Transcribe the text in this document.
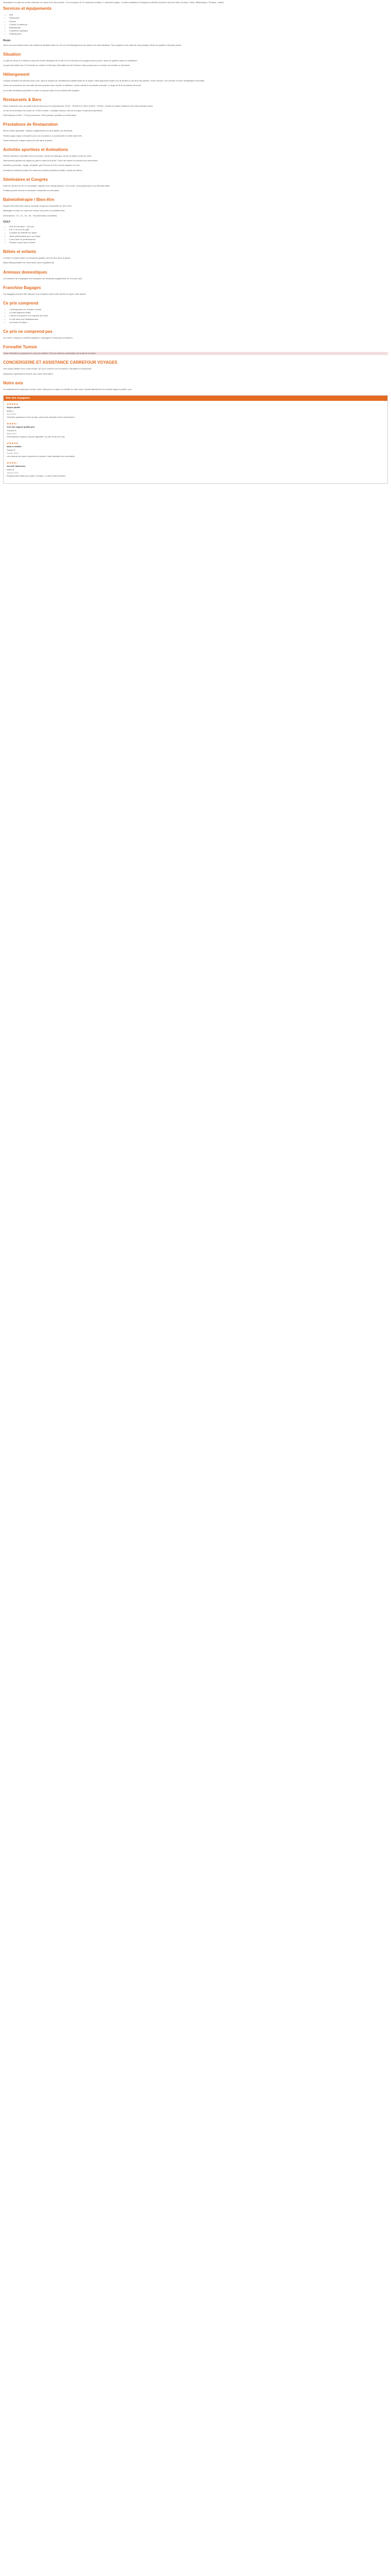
Description Ce gîte est un lieu d'accueil, de repos et de découverte ; il se compose de 12 chambres doubles, 4 chambres triples, 2 suites familiales et d'espaces collectifs ouverts à tous les hôtes (Cuisine, Salon, Bibliothèque, Terrasse, Jardin).

Services et équipements
• Wifi
• Restaurant
• Piscine
• Cuisine & barbecue
• Bibliothèque
• Chambres familiales
• Parking privé
Room

Nous vous accueillons dans une ambiance familiale dans l'un de nos 18 hébergements (du studio à la suite familiale). Tous équipés d'une salle de bain privative, literie de qualité et terrasse privée.

Situation

Le gîte se trouve à 5 minutes à pied du centre historique de la ville et à 15 minutes de la plage la plus proche, dans un quartier calme et résidentiel.

La gare ferroviaire est à 10 minutes en voiture et l'aéroport international à 40 minutes. Nous proposons un service de navette sur demande.

Hébergement

Chaque chambre est décorée avec soin, dans le respect de l'architecture traditionnelle de la région. Elles disposent toutes d'un lit double ou de deux lits simples, d'une armoire, d'un bureau et d'une climatisation réversible.

Toutes les chambres ont une salle de bain privative avec douche à l'italienne, sèche-cheveux et produits d'accueil. Le linge de lit et de toilette est fourni.

Les suites familiales possèdent en plus un espace salon et une kitchenette équipée.

Restaurants & Bars

Notre restaurant vous accueille tous les jours pour le petit-déjeuner (7h30 - 10h30) et le dîner (19h00 - 22h00). Cuisine de saison élaborée avec des produits locaux.

Le bar de la terrasse est ouvert de 17h00 à minuit : cocktails maison, vins de la région et planches apéritives.

Petit-déjeuner buffet : 12 € par personne. Demi-pension possible sur réservation.

Prestations de Restauration

Menu enfant disponible. Options végétariennes et sans gluten sur demande.

Paniers pique-nique à emporter pour vos excursions, à commander la veille avant 20h.

Soirée barbecue chaque samedi en été dans le jardin.

Activités sportives et Animations

Piscine extérieure chauffée d'avril à octobre, terrain de pétanque, tennis de table et prêt de vélos.

Randonnées guidées au départ du gîte le mardi et le jeudi. Cours de cuisine le mercredi sur réservation.

Activités à proximité : kayak, escalade, golf 18 trous à 8 km, centre équestre à 5 km.

Animations enfants pendant les vacances scolaires (ateliers créatifs, chasse au trésor).

Séminaires et Congrès

Salle de réunion de 60 m² modulable, équipée d'un vidéoprojecteur, d'un écran, d'un paperboard et du wifi haut débit.

Forfaits journée d'étude et séminaire résidentiel sur demande.

Balnéothérapie / Bien-être

Espace bien-être avec sauna, hammam et jacuzzi accessible de 10h à 20h.

Massages et soins du corps sur rendez-vous avec nos praticiennes.

Informations : 04 - 12 - 34 - 56 - 78 (réservation conseillée)

GOLF
• Golf du Domaine - 18 trous
• Par 72 à 8 km du gîte
• Location de matériel sur place
• Tarifs préférentiels pour nos hôtes
• Cours avec un professionnel
• Practice ouvert toute l'année
Bébés et enfants

Lit bébé et chaise haute sur demande (gratuit). Aire de jeux dans le jardin.

Baby-sitting possible sur réservation (avec supplément).

Animaux domestiques

Les animaux de compagnie sont acceptés sur demande (supplément de 10 € par nuit).

Franchise Bagages

Vos bagages peuvent être déposés à la réception avant votre arrivée et après votre départ.

Ce prix comprend
• L'hébergement en chambre double
• Le petit-déjeuner buffet
• L'accès à la piscine et à l'espace bien-être
• Le wifi dans tout l'établissement
• Les taxes de séjour
Ce prix ne comprend pas

Les dîners, boissons, activités payantes, massages et assurance annulation.

Formalité Tunisie

Carte d'identité ou passeport en cours de validité. Pour les mineurs, autorisation de sortie de territoire.

CONCIERGERIE ET ASSISTANCE CARREFOUR VOYAGES

Une équipe dédiée est à votre écoute 7j/7 pour réserver vos excursions, transferts et restaurants.

Assistance rapatriement incluse pour toute réservation.

Notre avis

Un établissement chaleureux et bien situé, idéal pour un séjour en famille ou entre amis. Accueil attentionné et excellent rapport qualité / prix.

Avis des voyageurs
★★★★★
Séjour parfait
Marie L.
Avril 2024
Chambre spacieuse et très propre, personnel adorable. Nous reviendrons !
★★★★☆
Très bon rapport qualité-prix
Thomas D.
Mars 2024
Petit-déjeuner copieux, piscine agréable. Un peu de bruit le soir.
★★★★★
Idéal en famille
Sophie R.
Février 2024
Les enfants ont adoré le jardin et la piscine. Suite familiale très confortable.
★★★★☆
Accueil chaleureux
Karim B.
Janvier 2024
Emplacement idéal pour visiter la région. Le dîner était excellent.
